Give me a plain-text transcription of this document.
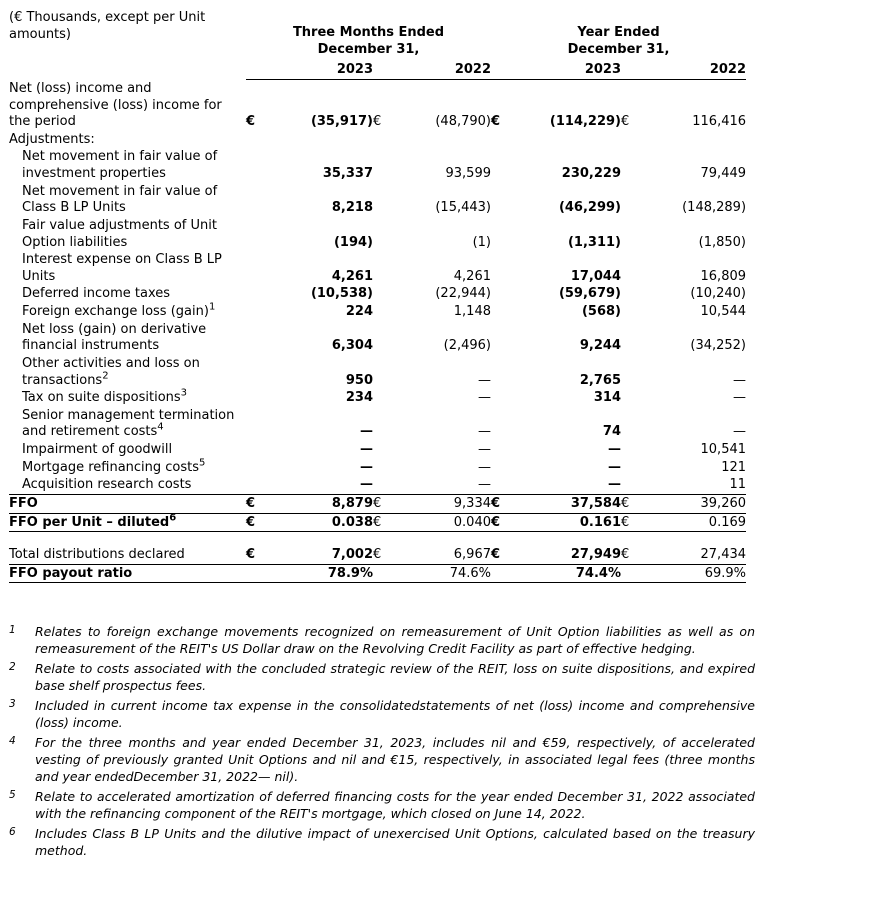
(€ Thousands, except per Unit amounts)	Three Months Ended
December 31,

Year Ended
December 31,

		2023		2022		2023		2022
Net (loss) income and comprehensive (loss) income for the period	€	(35,917)	€	(48,790)	€	(114,229)	€	116,416
Adjustments:								
Net movement in fair value of investment properties		35,337		93,599		230,229		79,449
Net movement in fair value of Class B LP Units		8,218		(15,443)		(46,299)		(148,289)
Fair value adjustments of Unit Option liabilities		(194)		(1)		(1,311)		(1,850)
Interest expense on Class B LP Units		4,261		4,261		17,044		16,809
Deferred income taxes		(10,538)		(22,944)		(59,679)		(10,240)
Foreign exchange loss (gain)$^1$		224		1,148		(568)		10,544
Net loss (gain) on derivative financial instruments		6,304		(2,496)		9,244		(34,252)
Other activities and loss on transactions$^2$		950		—		2,765		—
Tax on suite dispositions$^3$		234		—		314		—
Senior management termination and retirement costs$^4$		—		—		74		—
Impairment of goodwill		—		—		—		10,541
Mortgage refinancing costs$^5$		—		—		—		121
Acquisition research costs		—		—		—		11
FFO	€	8,879	€	9,334	€	37,584	€	39,260
FFO per Unit – diluted$^6$	€	0.038	€	0.040	€	0.161	€	0.169

Total distributions declared	€	7,002	€	6,967	€	27,949	€	27,434
FFO payout ratio		78.9%		74.6%		74.4%		69.9%
1	Relates to foreign exchange movements recognized on remeasurement of Unit Option liabilities as well as on remeasurement of the REIT's US Dollar draw on the Revolving Credit Facility as part of effective hedging.
2	Relate to costs associated with the concluded strategic review of the REIT, loss on suite dispositions, and expired base shelf prospectus fees.
3	Included in current income tax expense in the consolidatedstatements of net (loss) income and comprehensive (loss) income.
4	For the three months and year ended December 31, 2023, includes nil and €59, respectively, of accelerated vesting of previously granted Unit Options and nil and €15, respectively, in associated legal fees (three months and year endedDecember 31, 2022— nil).
5	Relate to accelerated amortization of deferred financing costs for the year ended December 31, 2022 associated with the refinancing component of the REIT's mortgage, which closed on June 14, 2022.
6	Includes Class B LP Units and the dilutive impact of unexercised Unit Options, calculated based on the treasury method.
